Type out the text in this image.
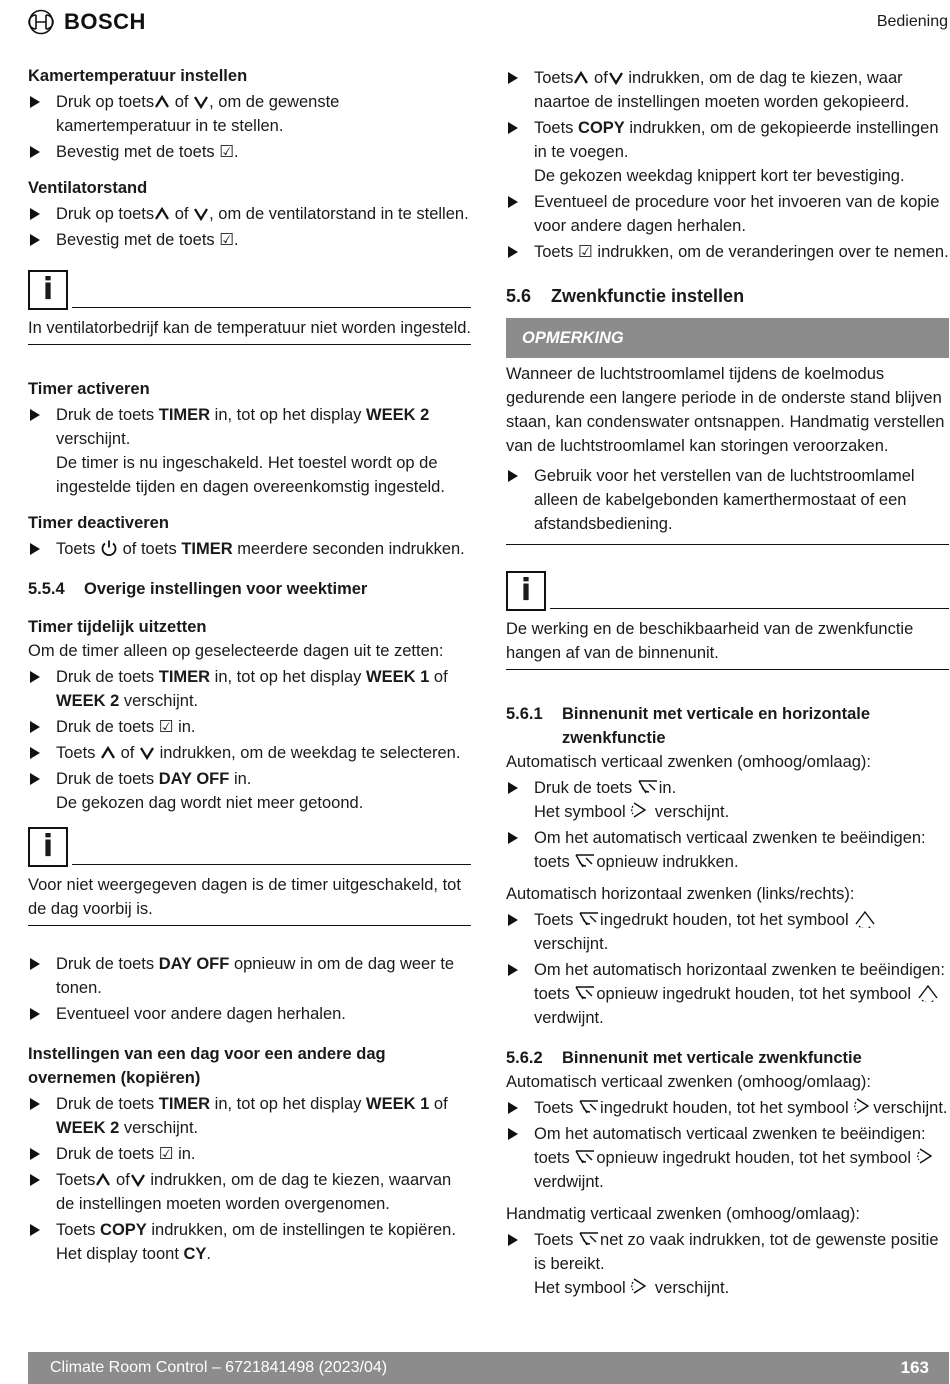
BOSCH	Bediening

Kamertemperatuur instellen

Druk op toets of , om de gewenste kamertemperatuur in te stellen.
Bevestig met de toets ☑.

Ventilatorstand

Druk op toets of , om de ventilatorstand in te stellen.
Bevestig met de toets ☑.
i
In ventilatorbedrijf kan de temperatuur niet worden ingesteld.

Timer activeren

Druk de toets TIMER in, tot op het display WEEK 2 verschijnt.
De timer is nu ingeschakeld. Het toestel wordt op de ingestelde tijden en dagen overeenkomstig ingesteld.

Timer deactiveren

Toets of toets TIMER meerdere seconden indrukken.

5.5.4	Overige instellingen voor weektimer

Timer tijdelijk uitzetten

Om de timer alleen op geselecteerde dagen uit te zetten:

Druk de toets TIMER in, tot op het display WEEK 1 of WEEK 2 verschijnt.
Druk de toets ☑ in.
Toets of indrukken, om de weekdag te selecteren.
Druk de toets DAY OFF in.
De gekozen dag wordt niet meer getoond.
i
Voor niet weergegeven dagen is de timer uitgeschakeld, tot de dag voorbij is.
Druk de toets DAY OFF opnieuw in om de dag weer te tonen.
Eventueel voor andere dagen herhalen.

Instellingen van een dag voor een andere dag overnemen (kopiëren)

Druk de toets TIMER in, tot op het display WEEK 1 of WEEK 2 verschijnt.
Druk de toets ☑ in.
Toets of indrukken, om de dag te kiezen, waarvan de instellingen moeten worden overgenomen.
Toets COPY indrukken, om de instellingen te kopiëren.
Het display toont CY.
Toets of indrukken, om de dag te kiezen, waar naartoe de instellingen moeten worden gekopieerd.
Toets COPY indrukken, om de gekopieerde instellingen in te voegen.
De gekozen weekdag knippert kort ter bevestiging.
Eventueel de procedure voor het invoeren van de kopie voor andere dagen herhalen.
Toets ☑ indrukken, om de veranderingen over te nemen.

5.6 Zwenkfunctie instellen

OPMERKING

Wanneer de luchtstroomlamel tijdens de koelmodus gedurende een langere periode in de onderste stand blijven staan, kan condenswater ontsnappen. Handmatig verstellen van de luchtstroomlamel kan storingen veroorzaken.

Gebruik voor het verstellen van de luchtstroomlamel alleen de kabelgebonden kamerthermostaat of een afstandsbediening.
i
De werking en de beschikbaarheid van de zwenkfunctie hangen af van de binnenunit.

5.6.1	Binnenunit met verticale en horizontale zwenkfunctie

Automatisch verticaal zwenken (omhoog/omlaag):

Druk de toets in.
Het symbool verschijnt.
Om het automatisch verticaal zwenken te beëindigen: toets opnieuw indrukken.

Automatisch horizontaal zwenken (links/rechts):

Toets ingedrukt houden, tot het symbool  verschijnt.
Om het automatisch horizontaal zwenken te beëindigen: toets opnieuw ingedrukt houden, tot het symbool  verdwijnt.

5.6.2	Binnenunit met verticale zwenkfunctie

Automatisch verticaal zwenken (omhoog/omlaag):

Toets ingedrukt houden, tot het symbool verschijnt.
Om het automatisch verticaal zwenken te beëindigen: toets opnieuw ingedrukt houden, tot het symbool  verdwijnt.

Handmatig verticaal zwenken (omhoog/omlaag):

Toets net zo vaak indrukken, tot de gewenste positie is bereikt.
Het symbool verschijnt.
Climate Room Control – 6721841498 (2023/04)	163
